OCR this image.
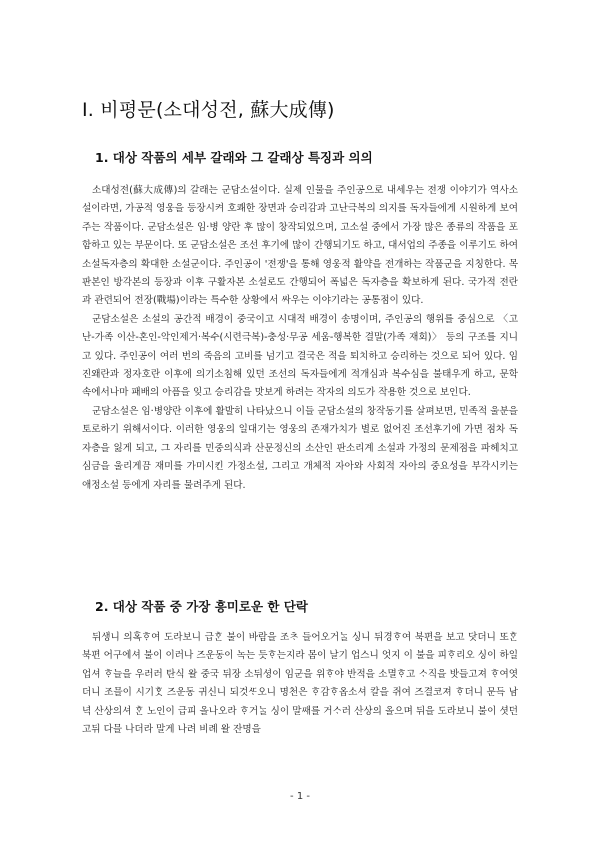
Ⅰ. 비평문(소대성전, 蘇大成傳)
1. 대상 작품의 세부 갈래와 그 갈래상 특징과 의의

소대성전(蘇大成傳)의 갈래는 군담소설이다. 실제 인물을 주인공으로 내세우는 전쟁 이야기가 역사소설이라면, 가공적 영웅을 등장시켜 호쾌한 장면과 승리감과 고난극복의 의지를 독자들에게 시원하게 보여 주는 작품이다. 군담소설은 임·병 양란 후 많이 창작되었으며, 고소설 중에서 가장 많은 종류의 작품을 포함하고 있는 부문이다. 또 군담소설은 조선 후기에 많이 간행되기도 하고, 대서업의 주종을 이루기도 하여 소설독자층의 확대한 소설군이다. 주인공이 '전쟁'을 통해 영웅적 활약을 전개하는 작품군을 지칭한다. 목판본인 방각본의 등장과 이후 구활자본 소설로도 간행되어 폭넓은 독자층을 확보하게 된다. 국가적 전란과 관련되어 전장(戰場)이라는 특수한 상황에서 싸우는 이야기라는 공통점이 있다.

군담소설은 소설의 공간적 배경이 중국이고 시대적 배경이 송명이며, 주인공의 행위를 중심으로 〈고난-가족 이산-혼인-악인제거·복수(시련극복)-충성·무공 세움-행복한 결말(가족 재회)〉 등의 구조를 지니고 있다. 주인공이 여러 번의 죽음의 고비를 넘기고 결국은 적을 퇴치하고 승리하는 것으로 되어 있다. 임진왜란과 정자호란 이후에 의기소침해 있던 조선의 독자들에게 적개심과 복수심을 불태우게 하고, 문학 속에서나마 패배의 아픔을 잊고 승리감을 맛보게 하려는 작자의 의도가 작용한 것으로 보인다.

군담소설은 임·병양란 이후에 활발히 나타났으니 이들 군담소설의 창작동기를 살펴보면, 민족적 울분을 토로하기 위해서이다. 이러한 영웅의 일대기는 영웅의 존재가치가 별로 없어진 조선후기에 가면 점차 독자층을 잃게 되고, 그 자리를 민중의식과 산문정신의 소산인 판소리계 소설과 가정의 문제점을 파헤치고 심금을 울리게끔 재미를 가미시킨 가정소설, 그리고 개체적 자아와 사회적 자아의 중요성을 부각시키는 애정소설 등에게 자리를 물려주게 된다.

2. 대상 작품 중 가장 흥미로운 한 단락

뒤생니 의혹ᄒᆞ여 도라보니 급ᄒᆞᆫ 불이 바람을 조ᄎᆞ 들어오거ᄂᆞᆯ 싱니 뒤경ᄒᆞ여 북편을 보고 닷더니 또ᄒᆞᆫ 북편 어구에셔 불이 이러나 즈운동이 녹는 듯ᄒᆞ는지라 몸이 날기 업스니 엇지 이 불을 피ᄒᆞ리오 싱이 하일업셔 ᄒᆞ늘을 우러러 탄식 왈 중국 뒤장 소뒤셩이 임군을 위ᄒᆞ야 반적을 소멸ᄒᆞ고 ᄉᆞ직을 밧들고져 ᄒᆞ여엿더니 조믈이 시기ᄒᆞᆺ 즈운동 귀신니 되것ᄯᆞ오니 명천은 ᄒᆞ감ᄒᆞ옵소셔 칼을 쥐여 즈결코져 ᄒᆞ더니 문득 남녁 산상의셔 ᄒᆞᆫ 노인이 급피 올나오라 ᄒᆞ거ᄂᆞᆯ 싱이 말ᄶᅢ를 거ᄉᆞ러 산상의 올으며 뒤을 도라보니 불이 셧던 고뒤 다믈 나더라 말게 나려 비례 왈 잔명을

- 1 -
